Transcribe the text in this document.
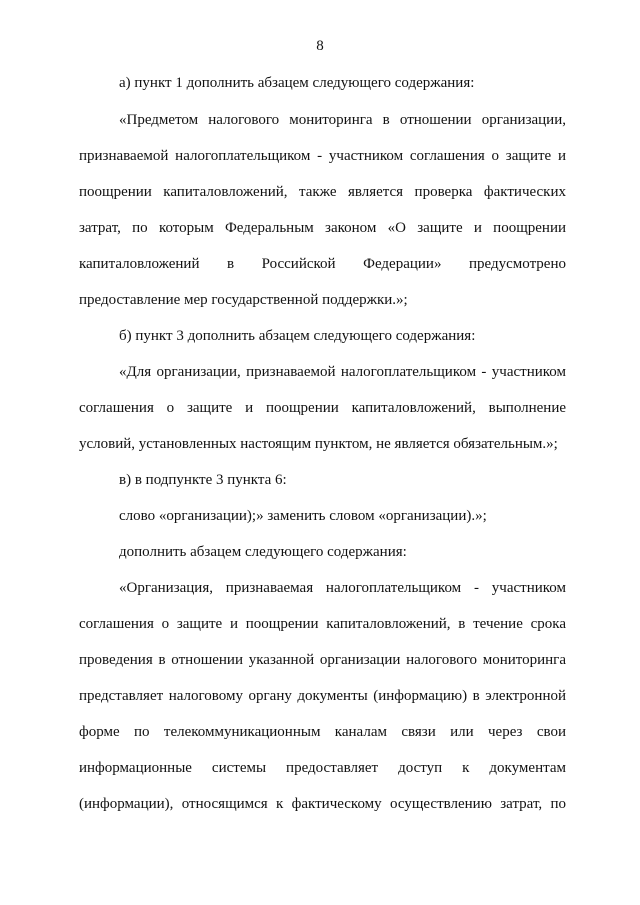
8
а) пункт 1 дополнить абзацем следующего содержания:
«Предметом налогового мониторинга в отношении организации,
признаваемой налогоплательщиком - участником соглашения о защите и
поощрении капиталовложений, также является проверка фактических
затрат, по которым Федеральным законом «О защите и поощрении
капиталовложений в Российской Федерации» предусмотрено
предоставление мер государственной поддержки.»;
б) пункт 3 дополнить абзацем следующего содержания:
«Для организации, признаваемой налогоплательщиком - участником
соглашения о защите и поощрении капиталовложений, выполнение
условий, установленных настоящим пунктом, не является обязательным.»;
в) в подпункте 3 пункта 6:
слово «организации);» заменить словом «организации).»;
дополнить абзацем следующего содержания:
«Организация, признаваемая налогоплательщиком - участником
соглашения о защите и поощрении капиталовложений, в течение срока
проведения в отношении указанной организации налогового мониторинга
представляет налоговому органу документы (информацию) в электронной
форме по телекоммуникационным каналам связи или через свои
информационные системы предоставляет доступ к документам
(информации), относящимся к фактическому осуществлению затрат, по
